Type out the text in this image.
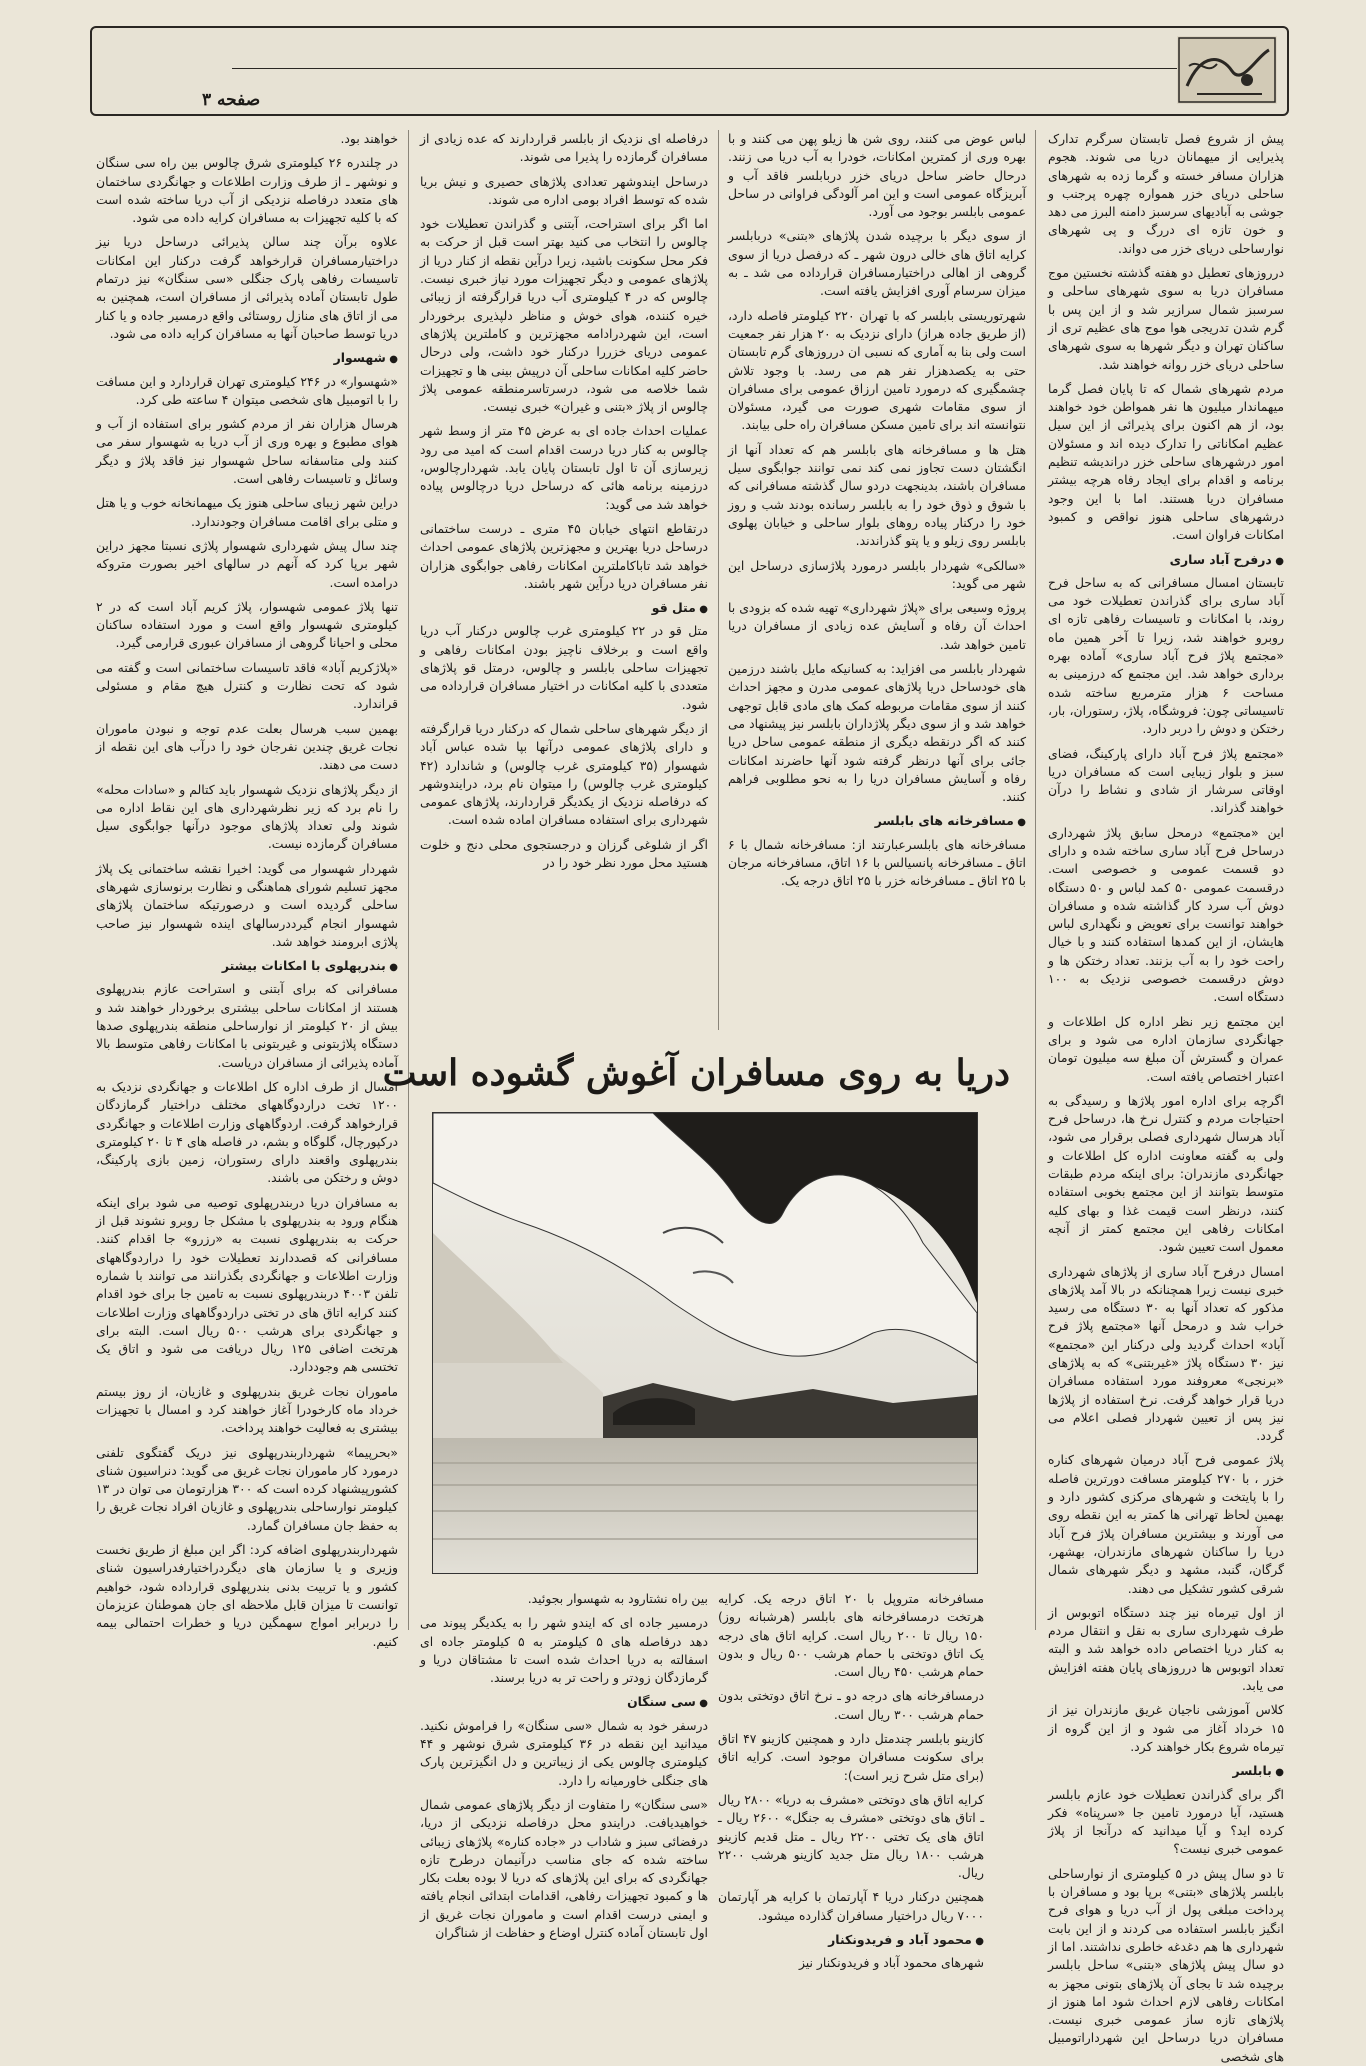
صفحه ۳

پیش از شروع فصل تابستان سرگرم تدارک پذیرایی از میهمانان دریا می شوند. هجوم هزاران مسافر خسته و گرما زده به شهرهای ساحلی دریای خزر همواره چهره پرجنب و جوشی به آبادیهای سرسبز دامنه البرز می دهد و خون تازه ای دررگ و پی شهرهای نوارساحلی دریای خزر می دواند.

درروزهای تعطیل دو هفته گذشته نخستین موج مسافران دریا به سوی شهرهای ساحلی و سرسبز شمال سرازیر شد و از این پس با گرم شدن تدریجی هوا موج های عظیم تری از ساکنان تهران و دیگر شهرها به سوی شهرهای ساحلی دریای خزر روانه خواهند شد.

مردم شهرهای شمال که تا پایان فصل گرما میهماندار میلیون ها نفر همواطن خود خواهند بود، از هم اکنون برای پذیرائی از این سیل عظیم امکاناتی را تدارک دیده اند و مسئولان امور درشهرهای ساحلی خزر درانديشه تنظیم برنامه و اقدام برای ایجاد رفاه هرچه بیشتر مسافران دریا هستند. اما با این وجود درشهرهای ساحلی هنوز نواقص و کمبود امکانات فراوان است.

● درفرح آباد ساری

تابستان امسال مسافرانی که به ساحل فرح آباد ساری برای گذراندن تعطیلات خود می روند، با امکانات و تاسیسات رفاهی تازه ای روبرو خواهند شد، زیرا تا آخر همین ماه «مجتمع پلاژ فرح آباد ساری» آماده بهره برداری خواهد شد. این مجتمع که درزمینی به مساحت ۶ هزار مترمربع ساخته شده تاسیساتی چون: فروشگاه، پلاژ، رستوران، بار، رختکن و دوش را دربر دارد.

«مجتمع پلاژ فرح آباد دارای پارکینگ، فضای سبز و بلوار زیبایی است که مسافران دریا اوقاتی سرشار از شادی و نشاط را درآن خواهند گذراند.

این «مجتمع» درمحل سابق پلاژ شهرداری درساحل فرح آباد ساری ساخته شده و دارای دو قسمت عمومی و خصوصی است. درقسمت عمومی ۵۰ کمد لباس و ۵۰ دستگاه دوش آب سرد کار گذاشته شده و مسافران خواهند توانست برای تعویض و نگهداری لباس هایشان، از این کمدها استفاده کنند و با خیال راحت خود را به آب بزنند. تعداد رختکن ها و دوش درقسمت خصوصی نزدیک به ۱۰۰ دستگاه است.

این مجتمع زیر نظر اداره کل اطلاعات و جهانگردی سازمان اداره می شود و برای عمران و گسترش آن مبلغ سه میلیون تومان اعتبار اختصاص یافته است.

اگرچه برای اداره امور پلاژها و رسیدگی به احتیاجات مردم و کنترل نرخ ها، درساحل فرح آباد هرسال شهرداری فصلی برقرار می شود، ولی به گفته معاونت اداره کل اطلاعات و جهانگردی مازندران: برای اینکه مردم طبقات متوسط بتوانند از این مجتمع بخوبی استفاده کنند، درنظر است قیمت غذا و بهای کلیه امکانات رفاهی این مجتمع کمتر از آنچه معمول است تعیین شود.

امسال درفرح آباد ساری از پلاژهای شهرداری خبری نیست زیرا همچنانکه در بالا آمد پلاژهای مذکور که تعداد آنها به ۳۰ دستگاه می رسید خراب شد و درمحل آنها «مجتمع پلاژ فرح آباد» احداث گردید ولی درکنار این «مجتمع» نیز ۳۰ دستگاه پلاژ «غیربتنی» که به پلاژهای «برنجی» معروفند مورد استفاده مسافران دریا قرار خواهد گرفت. نرخ استفاده از پلاژها نیز پس از تعیین شهردار فصلی اعلام می گردد.

پلاژ عمومی فرح آباد درمیان شهرهای کناره خزر ، با ۲۷۰ کیلومتر مسافت دورترین فاصله را با پایتخت و شهرهای مرکزی کشور دارد و بهمین لحاظ تهرانی ها کمتر به این نقطه روی می آورند و بیشترین مسافران پلاژ فرح آباد دریا را ساکنان شهرهای مازندران، بهشهر، گرگان، گنبد، مشهد و دیگر شهرهای شمال شرقی کشور تشکیل می دهند.

از اول تیرماه نیز چند دستگاه اتوبوس از طرف شهرداری ساری به نقل و انتقال مردم به کنار دریا اختصاص داده خواهد شد و البته تعداد اتوبوس ها درروزهای پایان هفته افزایش می یابد.

کلاس آموزشی ناجیان غریق مازندران نیز از ۱۵ خرداد آغاز می شود و از این گروه از تیرماه شروع بکار خواهند کرد.

● بابلسر

اگر برای گذراندن تعطیلات خود عازم بابلسر هستید، آیا درمورد تامین جا «سرپناه» فکر کرده اید؟ و آیا میدانید که درآنجا از پلاژ عمومی خبری نیست؟

تا دو سال پیش در ۵ کیلومتری از نوارساحلی بابلسر پلاژهای «بتنی» برپا بود و مسافران با پرداخت مبلغی پول از آب دریا و هوای فرح انگیز بابلسر استفاده می کردند و از این بابت شهرداری ها هم دغدغه خاطری نداشتند. اما از دو سال پیش پلاژهای «بتنی» ساحل بابلسر برچیده شد تا بجای آن پلاژهای بتونی مجهز به امکانات رفاهی لازم احداث شود اما هنوز از پلاژهای تازه ساز عمومی خبری نیست. مسافران دریا درساحل این شهرداراتومبیل های شخصی

لباس عوض می کنند، روی شن ها زیلو پهن می کنند و با بهره وری از کمترین امکانات، خودرا به آب دریا می زنند. درحال حاضر ساحل دریای خزر دربابلسر فاقد آب و آبریزگاه عمومی است و این امر آلودگی فراوانی در ساحل عمومی بابلسر بوجود می آورد.

از سوی دیگر با برچیده شدن پلاژهای «بتنی» دربابلسر کرایه اتاق های خالی درون شهر ـ که درفصل دریا از سوی گروهی از اهالی دراختیارمسافران قرارداده می شد ـ به میزان سرسام آوری افزایش یافته است.

شهرتوریستی بابلسر که با تهران ۲۲۰ کیلومتر فاصله دارد، (از طریق جاده هراز) دارای نزدیک به ۲۰ هزار نفر جمعیت است ولی بنا به آماری که نسبی ان درروزهای گرم تابستان حتی به یکصدهزار نفر هم می رسد. با وجود تلاش چشمگیری که درمورد تامین ارزاق عمومی برای مسافران از سوی مقامات شهری صورت می گیرد، مسئولان نتوانسته اند برای تامین مسکن مسافران راه حلی بیابند.

هتل ها و مسافرخانه های بابلسر هم که تعداد آنها از انگشتان دست تجاوز نمی کند نمی توانند جوابگوی سیل مسافران باشند، بدینجهت دردو سال گذشته مسافرانی که با شوق و ذوق خود را به بابلسر رسانده بودند شب و روز خود را درکنار پیاده روهای بلوار ساحلی و خیابان پهلوی بابلسر روی زیلو و یا پتو گذراندند.

«سالکی» شهردار بابلسر درمورد پلاژسازی درساحل این شهر می گوید:

پروژه وسیعی برای «پلاژ شهرداری» تهیه شده که بزودی با احداث آن رفاه و آسایش عده زیادی از مسافران دریا تامین خواهد شد.

شهردار بابلسر می افزاید: به کسانیکه مایل باشند درزمین های خودساحل دریا پلاژهای عمومی مدرن و مجهز احداث کنند از سوی مقامات مربوطه کمک های مادی قابل توجهی خواهد شد و از سوی دیگر پلاژداران بابلسر نیز پیشنهاد می کنند که اگر درنقطه دیگری از منطقه عمومی ساحل دریا جائی برای آنها درنظر گرفته شود آنها حاضرند امکانات رفاه و آسایش مسافران دریا را به نحو مطلوبی فراهم کنند.

● مسافرخانه های بابلسر

مسافرخانه های بابلسرعبارتند از: مسافرخانه شمال با ۶ اتاق ـ مسافرخانه پانسیالس با ۱۶ اتاق، مسافرخانه مرجان با ۲۵ اتاق ـ مسافرخانه خزر با ۲۵ اتاق درجه یک.

درفاصله ای نزدیک از بابلسر قراردارند که عده زیادی از مسافران گرمازده را پذیرا می شوند.

درساحل ایندوشهر تعدادی پلاژهای حصیری و نیش بریا شده که توسط افراد بومی اداره می شوند.

اما اگر برای استراحت، آبتنی و گذراندن تعطیلات خود چالوس را انتخاب می کنید بهتر است قبل از حرکت به فکر محل سکونت باشید، زیرا درآین نقطه از کنار دریا از پلاژهای عمومی و دیگر تجهیزات مورد نیاز خبری نیست. چالوس که در ۴ کیلومتری آب دریا قرارگرفته از زیبائی خیره کننده، هوای خوش و مناظر دلپذیری برخوردار است، این شهردرادامه مجهزترین و کاملترین پلاژهای عمومی دریای خزررا درکنار خود داشت، ولی درحال حاضر کلیه امکانات ساحلی آن درپیش بینی ها و تجهیزات شما خلاصه می شود، درسرتاسرمنطقه عمومی پلاژ چالوس از پلاژ «بتنی و غیران» خبری نیست.

عملیات احداث جاده ای به عرض ۴۵ متر از وسط شهر چالوس به کنار دریا درست اقدام است که امید می رود زیرسازی آن تا اول تابستان پایان یابد. شهردارچالوس، درزمینه برنامه هائی که درساحل دریا درچالوس پیاده خواهد شد می گوید:

درتقاطع انتهای خیابان ۴۵ متری ـ درست ساختمانی درساحل دریا بهترین و مجهزترین پلاژهای عمومی احداث خواهد شد تاباکاملترین امکانات رفاهی جوابگوی هزاران نفر مسافران دریا درآین شهر باشند.

● متل قو

متل قو در ۲۲ کیلومتری غرب چالوس درکنار آب دریا واقع است و برخلاف ناچیز بودن امکانات رفاهی و تجهیزات ساحلی بابلسر و چالوس، درمتل قو پلاژهای متعددی با کلیه امکانات در اختیار مسافران قرارداده می شود.

از دیگر شهرهای ساحلی شمال که درکنار دریا قرارگرفته و دارای پلاژهای عمومی درآنها بپا شده عباس آباد شهسوار (۳۵ کیلومتری غرب چالوس) و شاندارد (۴۲ کیلومتری غرب چالوس) را میتوان نام برد، درایندوشهر که درفاصله نزدیک از یکدیگر قراردارند، پلاژهای عمومی شهرداری برای استفاده مسافران اماده شده است.

اگر از شلوغی گرزان و درجستجوی محلی دنج و خلوت هستید محل مورد نظر خود را در

خواهند بود.

در چلندره ۲۶ کیلومتری شرق چالوس بین راه سی سنگان و نوشهر ـ از طرف وزارت اطلاعات و جهانگردی ساختمان های متعدد درفاصله نزدیکی از آب دریا ساخته شده است که با کلیه تجهیزات به مسافران کرایه داده می شود.

علاوه برآن چند سالن پذیرائی درساحل دریا نیز دراختیارمسافران قرارخواهد گرفت درکنار این امکانات تاسیسات رفاهی پارک جنگلی «سی سنگان» نیز درتمام طول تابستان آماده پذیرائی از مسافران است، همچنین به می از اتاق های منازل روستائی واقع درمسیر جاده و یا کنار دریا توسط صاحبان آنها به مسافران کرایه داده می شود.

● شهسوار

«شهسوار» در ۲۴۶ کیلومتری تهران قراردارد و این مسافت را با اتومبیل های شخصی میتوان ۴ ساعته طی کرد.

هرسال هزاران نفر از مردم کشور برای استفاده از آب و هوای مطبوع و بهره وری از آب دریا به شهسوار سفر می کنند ولی متاسفانه ساحل شهسوار نیز فاقد پلاژ و دیگر وسائل و تاسیسات رفاهی است.

دراین شهر زیبای ساحلی هنوز یک میهمانخانه خوب و یا هتل و متلی برای اقامت مسافران وجودندارد.

چند سال پیش شهرداری شهسوار پلاژی نسبتا مجهز دراین شهر برپا کرد که آنهم در سالهای اخیر بصورت متروکه درامده است.

تنها پلاژ عمومی شهسوار، پلاژ کریم آباد است که در ۲ کیلومتری شهسوار واقع است و مورد استفاده ساکنان محلی و احیانا گروهی از مسافران عبوری قرارمی گیرد.

«پلاژکریم آباد» فاقد تاسیسات ساختمانی است و گفته می شود که تحت نظارت و کنترل هیچ مقام و مسئولی قراندارد.

بهمین سبب هرسال بعلت عدم توجه و نبودن ماموران نجات غریق چندین نفرجان خود را درآب های این نقطه از دست می دهند.

از دیگر پلاژهای نزدیک شهسوار باید کتالم و «سادات محله» را نام برد که زیر نظرشهرداری های این نقاط اداره می شوند ولی تعداد پلاژهای موجود درآنها جوابگوی سیل مسافران گرمازده نیست.

شهردار شهسوار می گوید: اخیرا نقشه ساختمانی یک پلاژ مجهز تسلیم شورای هماهنگی و نظارت برنوسازی شهرهای ساحلی گردیده است و درصورتیکه ساختمان پلاژهای شهسوار انجام گیرددرسالهای اینده شهسوار نیز صاحب پلاژی ابرومند خواهد شد.

● بندرپهلوی با امکانات بیشتر

مسافرانی که برای آبتنی و استراحت عازم بندرپهلوی هستند از امکانات ساحلی بیشتری برخوردار خواهند شد و بیش از ۲۰ کیلومتر از نوارساحلی منطقه بندرپهلوی صدها دستگاه پلاژبتونی و غیربتونی با امکانات رفاهی متوسط بالا آماده پذیرائی از مسافران دریاست.

امسال از طرف اداره کل اطلاعات و جهانگردی نزدیک به ۱۲۰۰ تخت دراردوگاههای مختلف دراختیار گرمازدگان قرارخواهد گرفت. اردوگاههای وزارت اطلاعات و جهانگردی درکپورچال، گلوگاه و بشم، در فاصله های ۴ تا ۲۰ کیلومتری بندرپهلوی واقعند دارای رستوران، زمین بازی پارکینگ، دوش و رختکن می باشند.

به مسافران دریا دربندرپهلوی توصیه می شود برای اینکه هنگام ورود به بندرپهلوی با مشکل جا روبرو نشوند قبل از حرکت به بندرپهلوی نسبت به «رزرو» جا اقدام کنند. مسافرانی که قصددارند تعطیلات خود را دراردوگاههای وزارت اطلاعات و جهانگردی بگذرانند می توانند با شماره تلفن ۴۰۰۳ دربندرپهلوی نسبت به تامین جا برای خود اقدام کنند کرایه اتاق های در تختی دراردوگاههای وزارت اطلاعات و جهانگردی برای هرشب ۵۰۰ ریال است. البته برای هرتخت اضافی ۱۲۵ ریال دریافت می شود و اتاق یک تختسی هم وجوددارد.

ماموران نجات غریق بندرپهلوی و غازیان، از روز بیستم خرداد ماه کارخودرا آغاز خواهند کرد و امسال با تجهیزات بیشتری به فعالیت خواهند پرداخت.

«بحرپیما» شهرداربندرپهلوی نیز دریک گفتگوی تلفنی درمورد کار ماموران نجات غریق می گوید: دنراسیون شنای کشورپیشنهاد کرده است که ۳۰۰ هزارتومان می توان در ۱۳ کیلومتر نوارساحلی بندرپهلوی و غازیان افراد نجات غریق را به حفظ جان مسافران گمارد.

شهرداربندرپهلوی اضافه کرد: اگر این مبلغ از طریق نخست وزیری و یا سازمان های دیگردراختیارفدراسیون شنای کشور و یا تربیت بدنی بندرپهلوی قرارداده شود، خواهیم توانست تا میزان قابل ملاحظه ای جان هموطنان عزیزمان را دربرابر امواج سهمگین دریا و خطرات احتمالی بیمه کنیم.

دریا به روی مسافران آغوش گشوده است

مسافرخانه متروپل با ۲۰ اتاق درجه یک. کرایه هرتخت درمسافرخانه های بابلسر (هرشبانه روز) ۱۵۰ ریال تا ۲۰۰ ریال است. کرایه اتاق های درجه یک اتاق دوتختی با حمام هرشب ۵۰۰ ریال و بدون حمام هرشب ۴۵۰ ریال است.

درمسافرخانه های درجه دو ـ نرخ اتاق دوتختی بدون حمام هرشب ۳۰۰ ریال است.

کازینو بابلسر چندمتل دارد و همچنین کازینو ۴۷ اتاق برای سکونت مسافران موجود است. کرایه اتاق (برای متل شرح زیر است):

کرایه اتاق های دوتختی «مشرف به دریا» ۲۸۰۰ ریال ـ اتاق های دوتختی «مشرف به جنگل» ۲۶۰۰ ریال ـ اتاق های یک تختی ۲۲۰۰ ریال ـ متل قدیم کازینو هرشب ۱۸۰۰ ریال متل جدید کازینو هرشب ۲۲۰۰ ریال.

همچنین درکنار دریا ۴ آپارتمان با کرایه هر آپارتمان ۷۰۰۰ ریال دراختیار مسافران گذارده میشود.

● محمود آباد و فریدونکنار

شهرهای محمود آباد و فریدونکنار نیز

بین راه نشتارود به شهسوار بجوئید.

درمسیر جاده ای که ایندو شهر را به یکدیگر پیوند می دهد درفاصله های ۵ کیلومتر به ۵ کیلومتر جاده ای اسفالته به دریا احداث شده است تا مشتاقان دریا و گرمازدگان زودتر و راحت تر به دریا برسند.

● سی سنگان

درسفر خود به شمال «سی سنگان» را فراموش نکنید. میدانید این نقطه در ۳۶ کیلومتری شرق نوشهر و ۴۴ کیلومتری چالوس یکی از زیباترین و دل انگیزترین پارک های جنگلی خاورمیانه را دارد.

«سی سنگان» را متفاوت از دیگر پلاژهای عمومی شمال خواهیدیافت. درایندو محل درفاصله نزدیکی از دریا، درفضائی سبز و شاداب در «جاده کناره» پلاژهای زیبائی ساخته شده که جای مناسب درآنیمان درطرح تازه جهانگردی که برای این پلاژهای که دریا لا بوده بعلت بکار ها و کمبود تجهیزات رفاهی، اقدامات ابتدائی انجام یافته و ایمنی درست اقدام است و ماموران نجات غریق از اول تابستان آماده کنترل اوضاع و حفاظت از شناگران
